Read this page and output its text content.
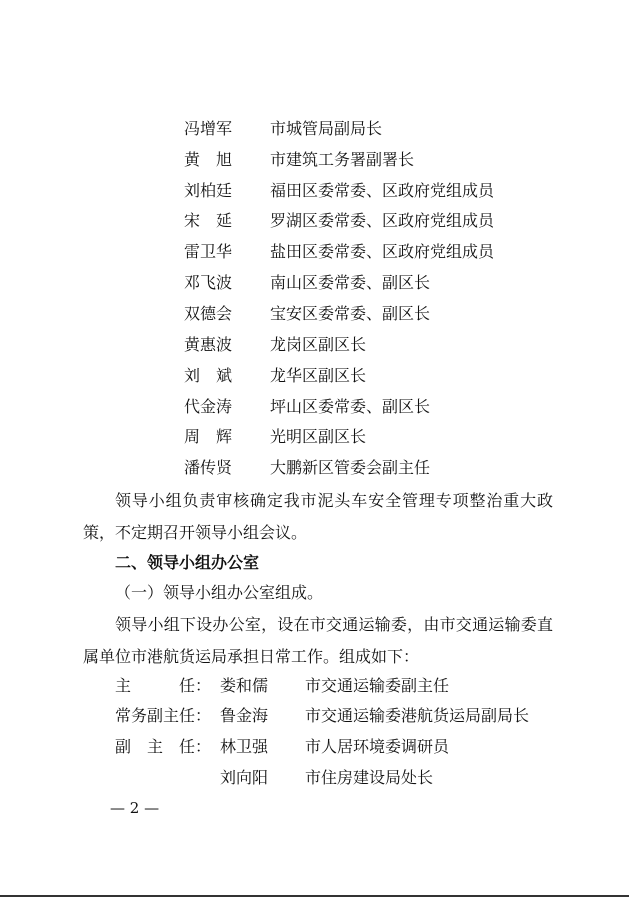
冯增军	市城管局副局长
黄　旭	市建筑工务署副署长
刘柏廷	福田区委常委、区政府党组成员
宋　延	罗湖区委常委、区政府党组成员
雷卫华	盐田区委常委、区政府党组成员
邓飞波	南山区委常委、副区长
双德会	宝安区委常委、副区长
黄惠波	龙岗区副区长
刘　斌	龙华区副区长
代金涛	坪山区委常委、副区长
周　辉	光明区副区长
潘传贤	大鹏新区管委会副主任
领导小组负责审核确定我市泥头车安全管理专项整治重大政策，不定期召开领导小组会议。
二、领导小组办公室
（一）领导小组办公室组成。
领导小组下设办公室，设在市交通运输委，由市交通运输委直属单位市港航货运局承担日常工作。组成如下：
主　　　任： 娄和儒 市交通运输委副主任
常务副主任： 鲁金海 市交通运输委港航货运局副局长
副　主　任： 林卫强 市人居环境委调研员
刘向阳 市住房建设局处长
— 2 —
